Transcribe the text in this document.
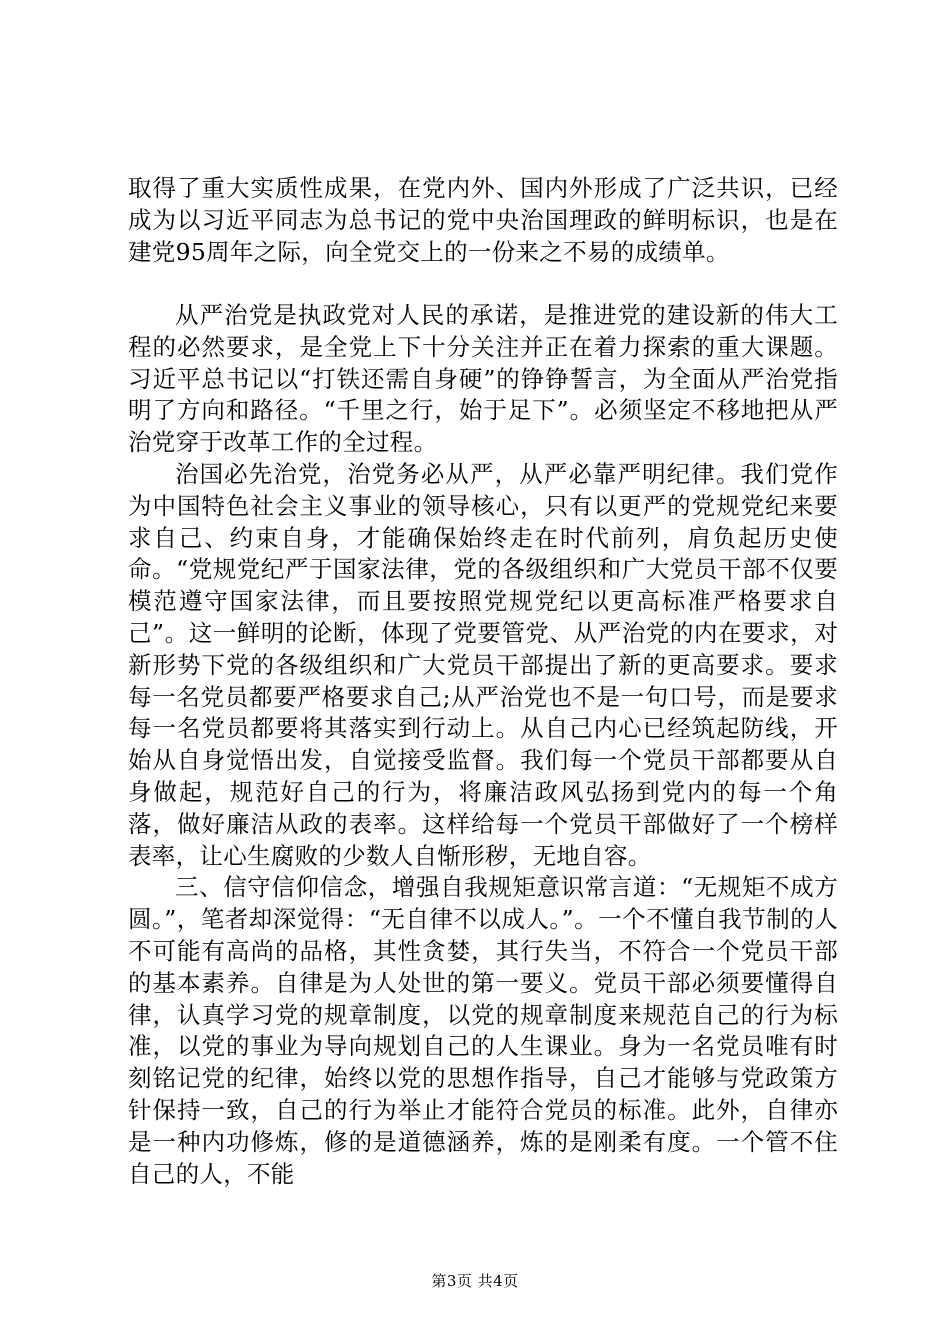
取得了重大实质性成果，在党内外、国内外形成了广泛共识，已经成为以习近平同志为总书记的党中央治国理政的鲜明标识，也是在建党95周年之际，向全党交上的一份来之不易的成绩单。

从严治党是执政党对人民的承诺，是推进党的建设新的伟大工程的必然要求，是全党上下十分关注并正在着力探索的重大课题。习近平总书记以“打铁还需自身硬”的铮铮誓言，为全面从严治党指明了方向和路径。“千里之行，始于足下”。必须坚定不移地把从严治党穿于改革工作的全过程。

治国必先治党，治党务必从严，从严必靠严明纪律。我们党作为中国特色社会主义事业的领导核心，只有以更严的党规党纪来要求自己、约束自身，才能确保始终走在时代前列，肩负起历史使命。“党规党纪严于国家法律，党的各级组织和广大党员干部不仅要模范遵守国家法律，而且要按照党规党纪以更高标准严格要求自己”。这一鲜明的论断，体现了党要管党、从严治党的内在要求，对新形势下党的各级组织和广大党员干部提出了新的更高要求。要求每一名党员都要严格要求自己;从严治党也不是一句口号，而是要求每一名党员都要将其落实到行动上。从自己内心已经筑起防线，开始从自身觉悟出发，自觉接受监督。我们每一个党员干部都要从自身做起，规范好自己的行为，将廉洁政风弘扬到党内的每一个角落，做好廉洁从政的表率。这样给每一个党员干部做好了一个榜样表率，让心生腐败的少数人自惭形秽，无地自容。

三、信守信仰信念，增强自我规矩意识常言道：“无规矩不成方圆。”，笔者却深觉得：“无自律不以成人。”。一个不懂自我节制的人不可能有高尚的品格，其性贪婪，其行失当，不符合一个党员干部的基本素养。自律是为人处世的第一要义。党员干部必须要懂得自律，认真学习党的规章制度，以党的规章制度来规范自己的行为标准，以党的事业为导向规划自己的人生课业。身为一名党员唯有时刻铭记党的纪律，始终以党的思想作指导，自己才能够与党政策方针保持一致，自己的行为举止才能符合党员的标准。此外，自律亦是一种内功修炼，修的是道德涵养，炼的是刚柔有度。一个管不住自己的人，不能

第3页 共4页
